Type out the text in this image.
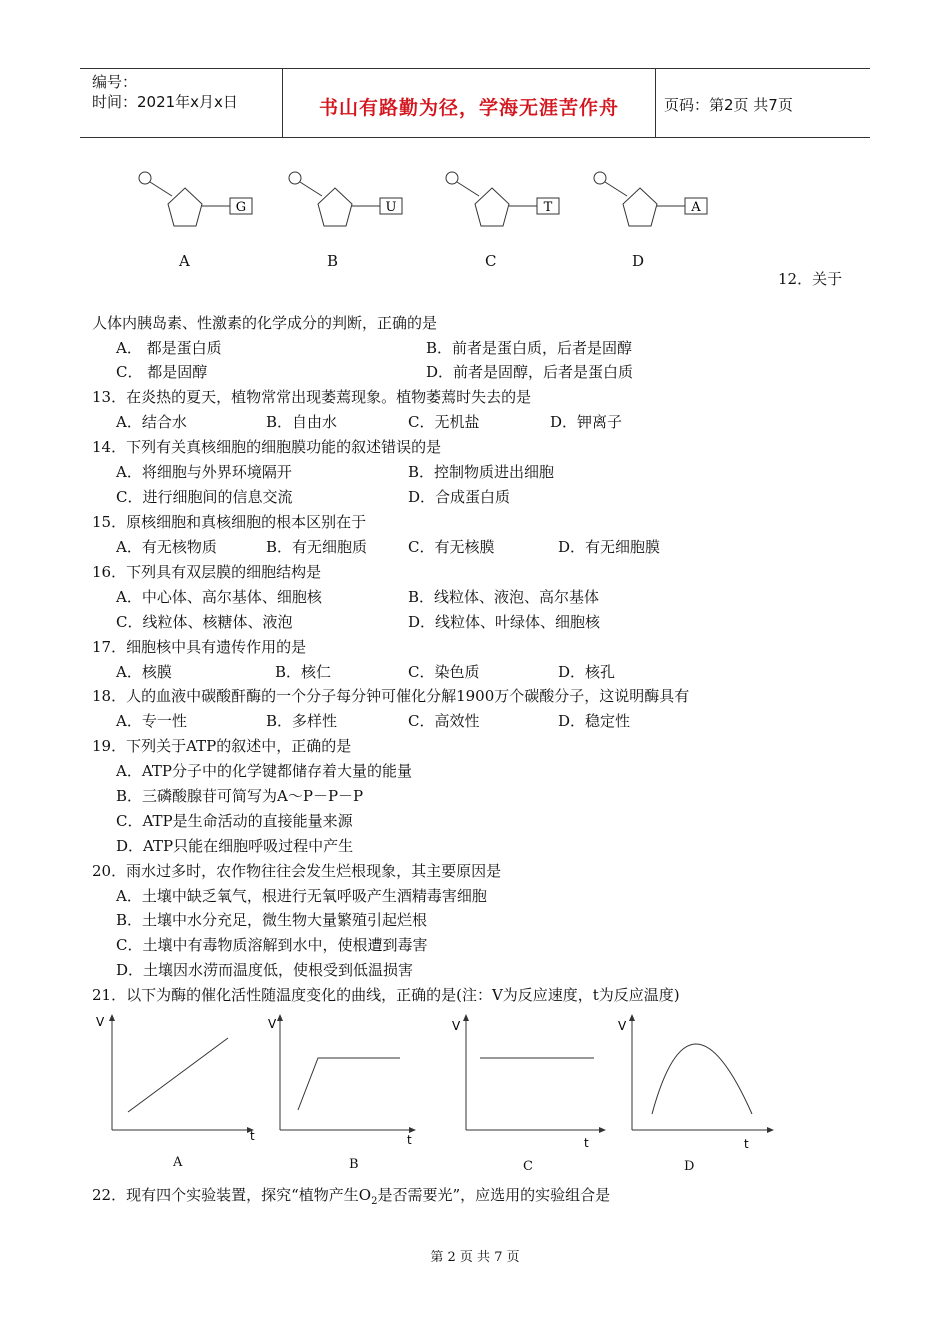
编号：
时间：2021年x月x日	书山有路勤为径，学海无涯苦作舟	页码：第2页 共7页
G	U	T	A
A	B	C	D
12．关于
人体内胰岛素、性激素的化学成分的判断，正确的是
A． 都是蛋白质	B．前者是蛋白质，后者是固醇
C． 都是固醇	D．前者是固醇，后者是蛋白质
13．在炎热的夏天，植物常常出现萎蔫现象。植物萎蔫时失去的是
A．结合水	B．自由水	C．无机盐	D．钾离子
14．下列有关真核细胞的细胞膜功能的叙述错误的是
A．将细胞与外界环境隔开	B．控制物质进出细胞
C．进行细胞间的信息交流	D．合成蛋白质
15．原核细胞和真核细胞的根本区别在于
A．有无核物质	B．有无细胞质	C．有无核膜	D．有无细胞膜
16．下列具有双层膜的细胞结构是
A．中心体、高尔基体、细胞核	B．线粒体、液泡、高尔基体
C．线粒体、核糖体、液泡	D．线粒体、叶绿体、细胞核
17．细胞核中具有遗传作用的是
A．核膜	B．核仁	C．染色质	D．核孔
18．人的血液中碳酸酐酶的一个分子每分钟可催化分解1900万个碳酸分子，这说明酶具有
A．专一性	B．多样性	C．高效性	D．稳定性
19．下列关于ATP的叙述中，正确的是
A．ATP分子中的化学键都储存着大量的能量
B．三磷酸腺苷可简写为A～P－P－P
C．ATP是生命活动的直接能量来源
D．ATP只能在细胞呼吸过程中产生
20．雨水过多时，农作物往往会发生烂根现象，其主要原因是
A．土壤中缺乏氧气，根进行无氧呼吸产生酒精毒害细胞
B．土壤中水分充足，微生物大量繁殖引起烂根
C．土壤中有毒物质溶解到水中，使根遭到毒害
D．土壤因水涝而温度低，使根受到低温损害
21．以下为酶的催化活性随温度变化的曲线，正确的是(注：V为反应速度，t为反应温度)
V
t
V
t
V
t
V
t
A	B	C	D
22．现有四个实验装置，探究“植物产生$O_2$是否需要光”，应选用的实验组合是
第 2 页 共 7 页
